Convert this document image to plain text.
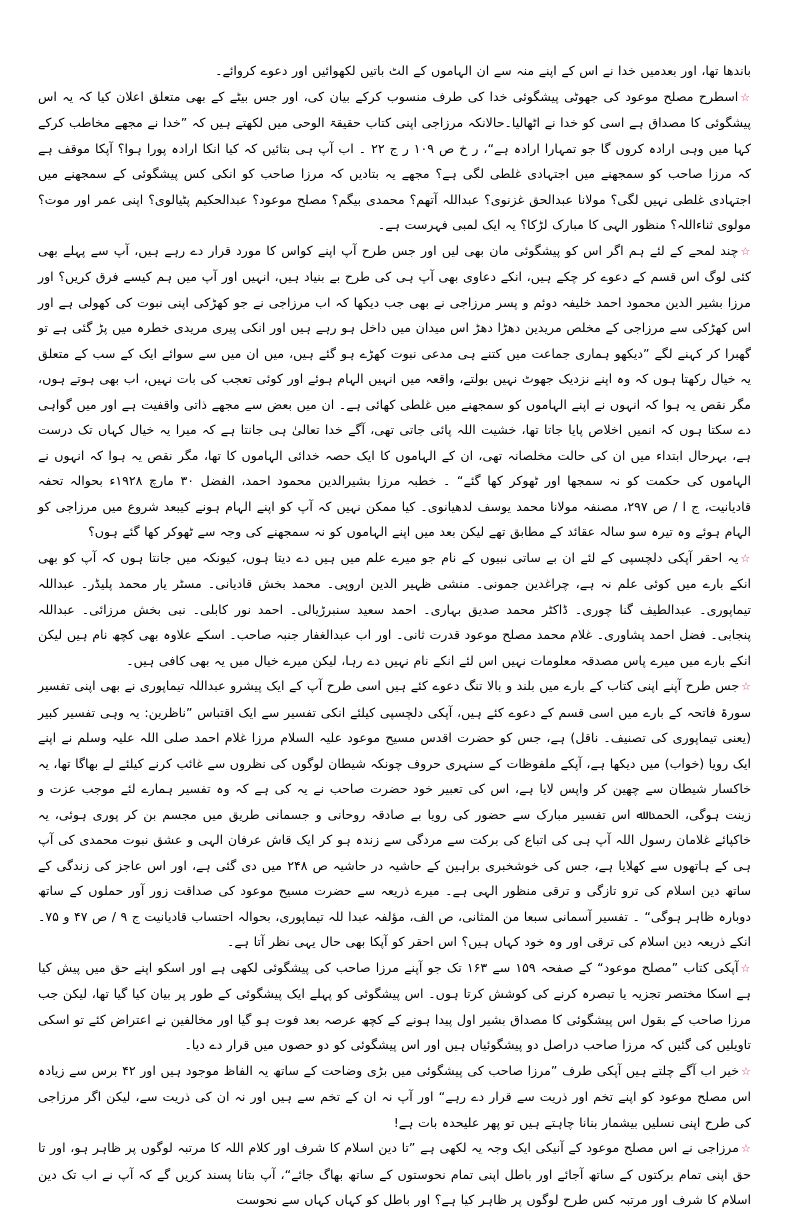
باندھا تھا، اور بعدمیں خدا نے اس کے اپنے منہ سے ان الہاموں کے الٹ باتیں لکھوائیں اور دعوے کروائے۔

☆اسطرح مصلح موعود کی جھوٹی پیشگوئی خدا کی طرف منسوب کرکے بیان کی، اور جس بیٹے کے بھی متعلق اعلان کیا کہ یہ اس پیشگوئی کا مصداق ہے اسی کو خدا نے اٹھالیا۔حالانکہ مرزاجی اپنی کتاب حقیقۃ الوحی میں لکھتے ہیں کہ ”خدا نے مجھے مخاطب کرکے کہا میں وہی ارادہ کروں گا جو تمہارا ارادہ ہے“، ر خ ص ۱۰۹ ر ج ۲۲ ۔ اب آپ ہی بتائیں کہ کیا انکا ارادہ پورا ہوا؟ آپکا موقف ہے کہ مرزا صاحب کو سمجھنے میں اجتہادی غلطی لگی ہے؟ مجھے یہ بتادیں کہ مرزا صاحب کو انکی کس پیشگوئی کے سمجھنے میں اجتہادی غلطی نہیں لگی؟ مولانا عبدالحق غزنوی؟ عبداللہ آتھم؟ محمدی بیگم؟ مصلح موعود؟ عبدالحکیم پٹیالوی؟ اپنی عمر اور موت؟ مولوی ثناءاللہ؟ منظور الہی کا مبارک لڑکا؟ یہ ایک لمبی فہرست ہے۔

☆چند لمحے کے لئے ہم اگر اس کو پیشگوئی مان بھی لیں اور جس طرح آپ اپنے کواس کا مورد قرار دے رہے ہیں، آپ سے پہلے بھی کئی لوگ اس قسم کے دعوے کر چکے ہیں، انکے دعاوی بھی آپ ہی کی طرح بے بنیاد ہیں، انہیں اور آپ میں ہم کیسے فرق کریں؟ اور مرزا بشیر الدین محمود احمد خلیفہ دوئم و پسر مرزاجی نے بھی جب دیکھا کہ اب مرزاجی نے جو کھڑکی اپنی نبوت کی کھولی ہے اور اس کھڑکی سے مرزاجی کے مخلص مریدین دھڑا دھڑ اس میدان میں داخل ہو رہے ہیں اور انکی پیری مریدی خطرہ میں پڑ گئی ہے تو گھبرا کر کہنے لگے ”دیکھو ہماری جماعت میں کتنے ہی مدعی نبوت کھڑے ہو گئے ہیں، میں ان میں سے سوائے ایک کے سب کے متعلق یہ خیال رکھتا ہوں کہ وہ اپنے نزدیک جھوٹ نہیں بولتے، واقعہ میں انہیں الہام ہوئے اور کوئی تعجب کی بات نہیں، اب بھی ہوتے ہوں، مگر نقص یہ ہوا کہ انہوں نے اپنے الہاموں کو سمجھنے میں غلطی کھائی ہے۔ ان میں بعض سے مجھے ذاتی واقفیت ہے اور میں گواہی دے سکتا ہوں کہ انمیں اخلاص پایا جاتا تھا، خشیت اللہ پائی جاتی تھی، آگے خدا تعالیٰ ہی جانتا ہے کہ میرا یہ خیال کہاں تک درست ہے، بہرحال ابتداء میں ان کی حالت مخلصانہ تھی، ان کے الہاموں کا ایک حصہ خدائی الہاموں کا تھا، مگر نقص یہ ہوا کہ انہوں نے الہاموں کی حکمت کو نہ سمجھا اور ٹھوکر کھا گئے“ ۔ خطبہ مرزا بشیرالدین محمود احمد، الفضل ۳۰ مارچ ۱۹۲۸ء بحوالہ تحفہ قادیانیت، ج ا / ص ۲۹۷، مصنفہ مولانا محمد یوسف لدھیانوی۔ کیا ممکن نہیں کہ آپ کو اپنے الہام ہونے کیبعد شروع میں مرزاجی کو الہام ہوئے وہ تیرہ سو سالہ عقائد کے مطابق تھے لیکن بعد میں اپنے الہاموں کو نہ سمجھنے کی وجہ سے ٹھوکر کھا گئے ہوں؟

☆یہ احقر آپکی دلچسپی کے لئے ان بے ساتی نبیوں کے نام جو میرے علم میں ہیں دے دیتا ہوں، کیونکہ میں جانتا ہوں کہ آپ کو بھی انکے بارے میں کوئی علم نہ ہے، چراغدین جمونی۔ منشی ظہیر الدین اروپی۔ محمد بخش قادیانی۔ مسٹر یار محمد پلیڈر۔ عبداللہ تیماپوری۔ عبدالطیف گنا چوری۔ ڈاکٹر محمد صدیق بہاری۔ احمد سعید سنبرڑیالی۔ احمد نور کابلی۔ نبی بخش مرزائی۔ عبداللہ پنجابی۔ فضل احمد پشاوری۔ غلام محمد مصلح موعود قدرت ثانی۔ اور اب عبدالغفار جنبہ صاحب۔ اسکے علاوہ بھی کچھ نام ہیں لیکن انکے بارے میں میرے پاس مصدقہ معلومات نہیں اس لئے انکے نام نہیں دے رہا، لیکن میرے خیال میں یہ بھی کافی ہیں۔

☆جس طرح آپنے اپنی کتاب کے بارے میں بلند و بالا تنگ دعوے کئے ہیں اسی طرح آپ کے ایک پیشرو عبداللہ تیماپوری نے بھی اپنی تفسیر سورۃ فاتحہ کے بارے میں اسی قسم کے دعوے کئے ہیں، آپکی دلچسپی کیلئے انکی تفسیر سے ایک اقتباس ”ناظرین: یہ وہی تفسیر کبیر (یعنی تیماپوری کی تصنیف۔ ناقل) ہے، جس کو حضرت اقدس مسیح موعود علیہ السلام مرزا غلام احمد صلی اللہ علیہ وسلم نے اپنے ایک رویا (خواب) میں دیکھا ہے، آپکے ملفوظات کے سنہری حروف چونکہ شیطان لوگوں کی نظروں سے غائب کرنے کیلئے لے بھاگا تھا، یہ خاکسار شیطان سے چھین کر واپس لایا ہے، اس کی تعبیر خود حضرت صاحب نے یہ کی ہے کہ وہ تفسیر ہمارے لئے موجب عزت و زینت ہوگی، الحمد ﷲ اس تفسیر مبارک سے حضور کی رویا بے صادقہ روحانی و جسمانی طریق میں مجسم بن کر پوری ہوئی، یہ خاکپائے غلامان رسول اللہ آپ ہی کی اتباع کی برکت سے مردگی سے زندہ ہو کر ایک قاش عرفان الہی و عشق نبوت محمدی کی آپ ہی کے ہاتھوں سے کھلایا ہے، جس کی خوشخبری براہین کے حاشیہ در حاشیہ ص ۲۴۸ میں دی گئی ہے، اور اس عاجز کی زندگی کے ساتھ دین اسلام کی ترو تازگی و ترقی منظور الہی ہے۔ میرے ذریعہ سے حضرت مسیح موعود کی صداقت زور آور حملوں کے ساتھ دوبارہ ظاہر ہوگی“ ۔ تفسیر آسمانی سبعا من المثانی، ص الف، مؤلفہ عبدا للہ تیماپوری، بحوالہ احتساب قادیانیت ج ۹ / ص ۴۷ و ۷۵۔ انکے ذریعہ دین اسلام کی ترقی اور وہ خود کہاں ہیں؟ اس احقر کو آپکا بھی حال یہی نظر آتا ہے۔

☆آپکی کتاب ”مصلح موعود“ کے صفحہ ۱۵۹ سے ۱۶۳ تک جو آپنے مرزا صاحب کی پیشگوئی لکھی ہے اور اسکو اپنے حق میں پیش کیا ہے اسکا مختصر تجزیہ یا تبصرہ کرنے کی کوشش کرتا ہوں۔ اس پیشگوئی کو پہلے ایک پیشگوئی کے طور پر بیان کیا گیا تھا، لیکن جب مرزا صاحب کے بقول اس پیشگوئی کا مصداق بشیر اول پیدا ہونے کے کچھ عرصہ بعد فوت ہو گیا اور مخالفین نے اعتراض کئے تو اسکی تاویلیں کی گئیں کہ مرزا صاحب دراصل دو پیشگوئیاں ہیں اور اس پیشگوئی کو دو حصوں میں قرار دے دیا۔

☆خیر اب آگے چلتے ہیں آپکی طرف ”مرزا صاحب کی پیشگوئی میں بڑی وضاحت کے ساتھ یہ الفاظ موجود ہیں اور ۴۲ برس سے زیادہ اس مصلح موعود کو اپنے تخم اور ذریت سے قرار دے رہے“ اور آپ نہ ان کے تخم سے ہیں اور نہ ان کی ذریت سے، لیکن اگر مرزاجی کی طرح اپنی نسلیں بیشمار بنانا چاہتے ہیں تو پھر علیحدہ بات ہے!

☆مرزاجی نے اس مصلح موعود کے آنیکی ایک وجہ یہ لکھی ہے ”تا دین اسلام کا شرف اور کلام اللہ کا مرتبہ لوگوں پر ظاہر ہو، اور تا حق اپنی تمام برکتوں کے ساتھ آجائے اور باطل اپنی تمام نحوستوں کے ساتھ بھاگ جائے“، آپ بتانا پسند کریں گے کہ آپ نے اب تک دین اسلام کا شرف اور مرتبہ کس طرح لوگوں پر ظاہر کیا ہے؟ اور باطل کو کہاں کہاں سے نحوست
